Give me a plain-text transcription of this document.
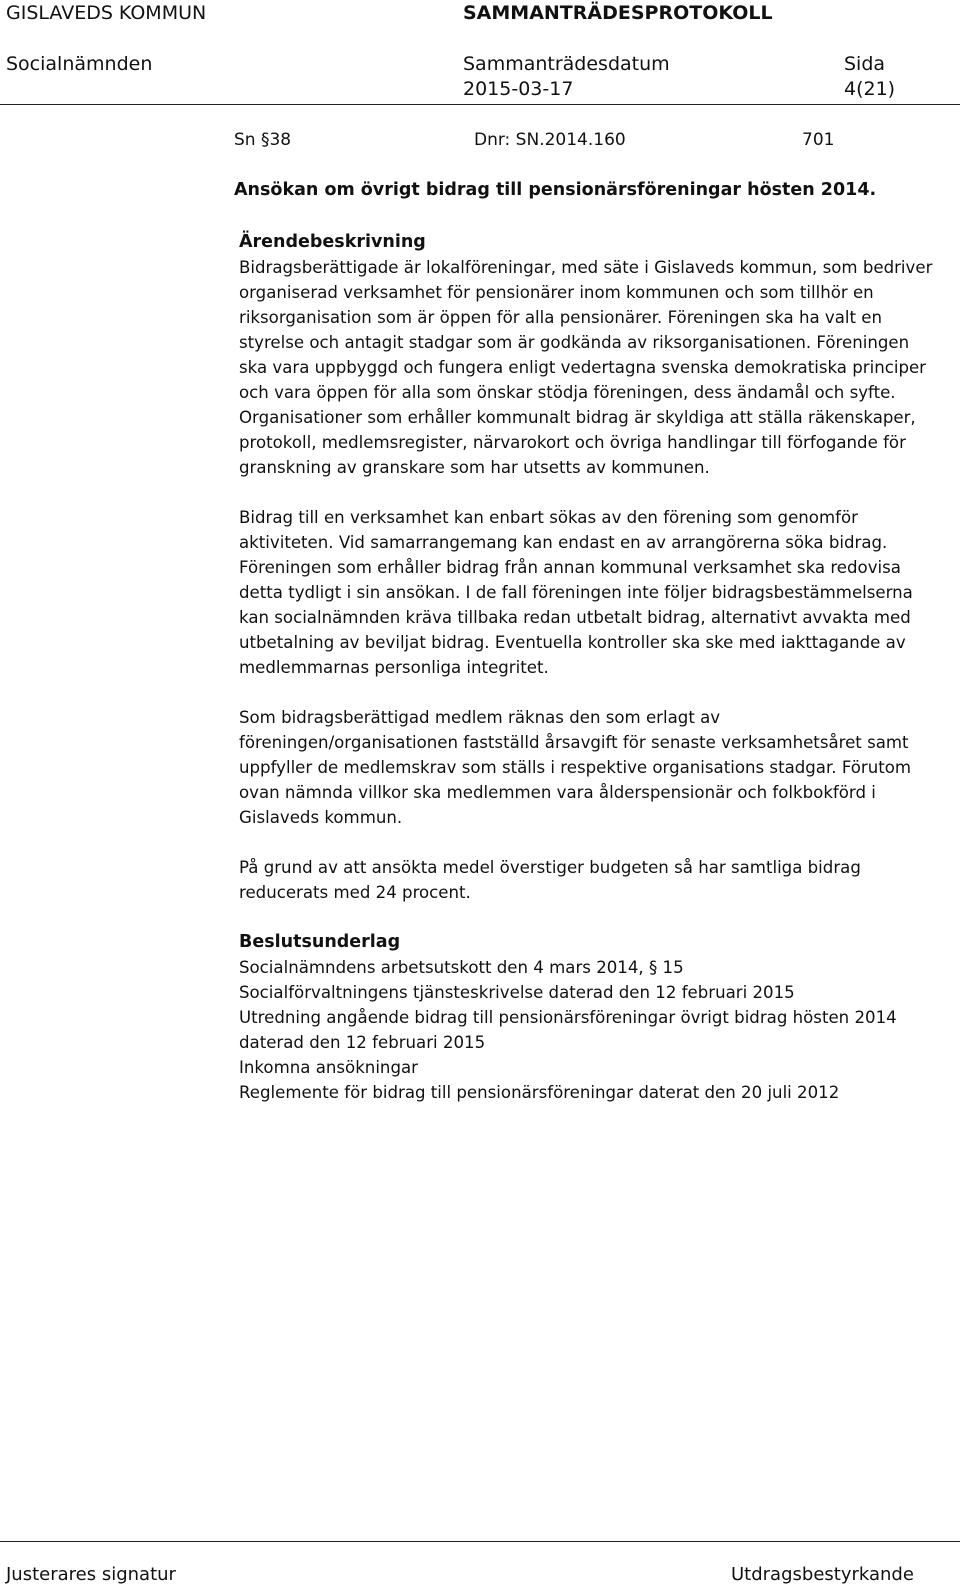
GISLAVEDS KOMMUN	SAMMANTRÄDESPROTOKOLL
Socialnämnden	Sammanträdesdatum
2015-03-17
Sida
4(21)
Sn §38	Dnr: SN.2014.160	701
Ansökan om övrigt bidrag till pensionärsföreningar hösten 2014.

Ärendebeskrivning

Bidragsberättigade är lokalföreningar, med säte i Gislaveds kommun, som bedriver organiserad verksamhet för pensionärer inom kommunen och som tillhör en riksorganisation som är öppen för alla pensionärer. Föreningen ska ha valt en styrelse och antagit stadgar som är godkända av riksorganisationen. Föreningen ska vara uppbyggd och fungera enligt vedertagna svenska demokratiska principer och vara öppen för alla som önskar stödja föreningen, dess ändamål och syfte. Organisationer som erhåller kommunalt bidrag är skyldiga att ställa räkenskaper, protokoll, medlemsregister, närvarokort och övriga handlingar till förfogande för granskning av granskare som har utsetts av kommunen.

Bidrag till en verksamhet kan enbart sökas av den förening som genomför aktiviteten. Vid samarrangemang kan endast en av arrangörerna söka bidrag. Föreningen som erhåller bidrag från annan kommunal verksamhet ska redovisa detta tydligt i sin ansökan. I de fall föreningen inte följer bidragsbestämmelserna kan socialnämnden kräva tillbaka redan utbetalt bidrag, alternativt avvakta med utbetalning av beviljat bidrag. Eventuella kontroller ska ske med iakttagande av medlemmarnas personliga integritet.

Som bidragsberättigad medlem räknas den som erlagt av föreningen/organisationen fastställd årsavgift för senaste verksamhetsåret samt uppfyller de medlemskrav som ställs i respektive organisations stadgar. Förutom ovan nämnda villkor ska medlemmen vara ålderspensionär och folkbokförd i Gislaveds kommun.

På grund av att ansökta medel överstiger budgeten så har samtliga bidrag reducerats med 24 procent.

Beslutsunderlag

Socialnämndens arbetsutskott den 4 mars 2014, § 15

Socialförvaltningens tjänsteskrivelse daterad den 12 februari 2015

Utredning angående bidrag till pensionärsföreningar övrigt bidrag hösten 2014 daterad den 12 februari 2015

Inkomna ansökningar

Reglemente för bidrag till pensionärsföreningar daterat den 20 juli 2012

Justerares signatur	Utdragsbestyrkande
